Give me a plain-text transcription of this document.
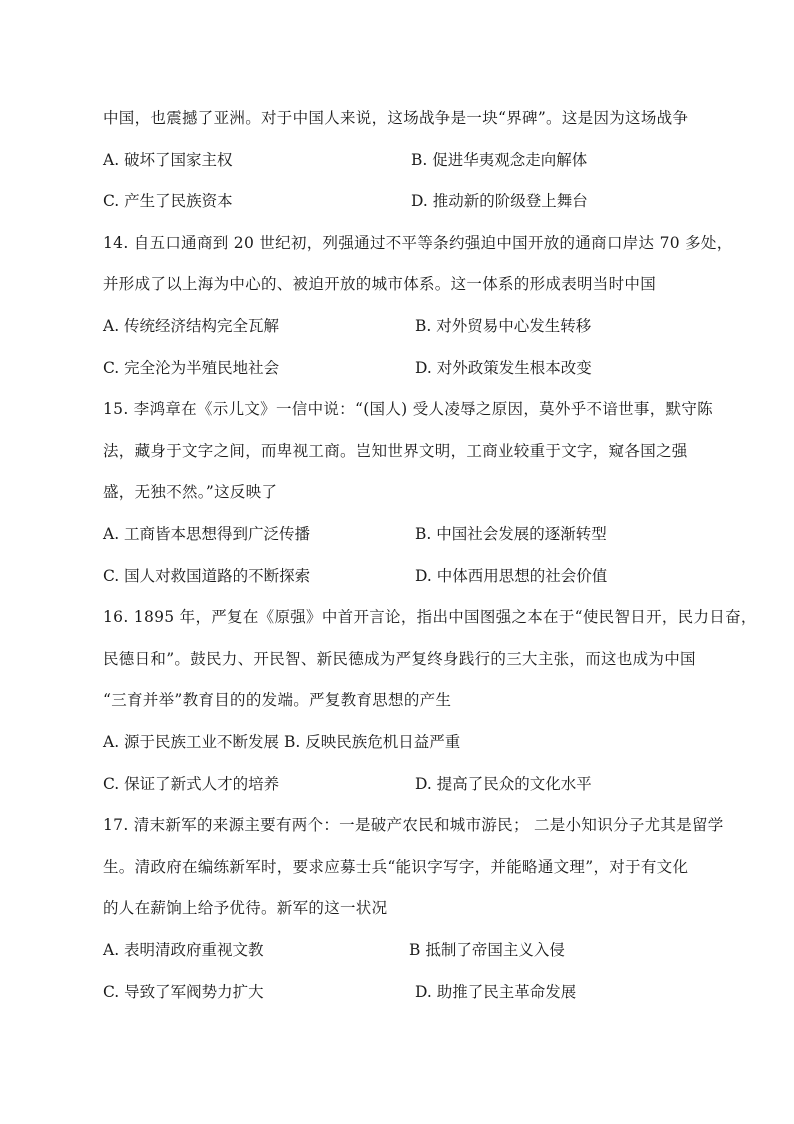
中国，也震撼了亚洲。对于中国人来说，这场战争是一块“界碑”。这是因为这场战争
A. 破坏了国家主权	B. 促进华夷观念走向解体
C. 产生了民族资本	D. 推动新的阶级登上舞台
14. 自五口通商到 20 世纪初，列强通过不平等条约强迫中国开放的通商口岸达 70 多处，
并形成了以上海为中心的、被迫开放的城市体系。这一体系的形成表明当时中国
A. 传统经济结构完全瓦解	B. 对外贸易中心发生转移
C. 完全沦为半殖民地社会	D. 对外政策发生根本改变
15. 李鸿章在《示儿文》一信中说：“(国人) 受人凌辱之原因，莫外乎不谙世事，默守陈
法，藏身于文字之间，而卑视工商。岂知世界文明，工商业较重于文字，窥各国之强
盛，无独不然。”这反映了
A. 工商皆本思想得到广泛传播	B. 中国社会发展的逐渐转型
C. 国人对救国道路的不断探索	D. 中体西用思想的社会价值
16. 1895 年，严复在《原强》中首开言论，指出中国图强之本在于“使民智日开，民力日奋，
民德日和”。鼓民力、开民智、新民德成为严复终身践行的三大主张，而这也成为中国
“三育并举”教育目的的发端。严复教育思想的产生
A. 源于民族工业不断发展 B. 反映民族危机日益严重
C. 保证了新式人才的培养	D. 提高了民众的文化水平
17. 清末新军的来源主要有两个：一是破产农民和城市游民； 二是小知识分子尤其是留学
生。清政府在编练新军时，要求应募士兵“能识字写字，并能略通文理”，对于有文化
的人在薪饷上给予优待。新军的这一状况
A. 表明清政府重视文教	B 抵制了帝国主义入侵
C. 导致了军阀势力扩大	D. 助推了民主革命发展
